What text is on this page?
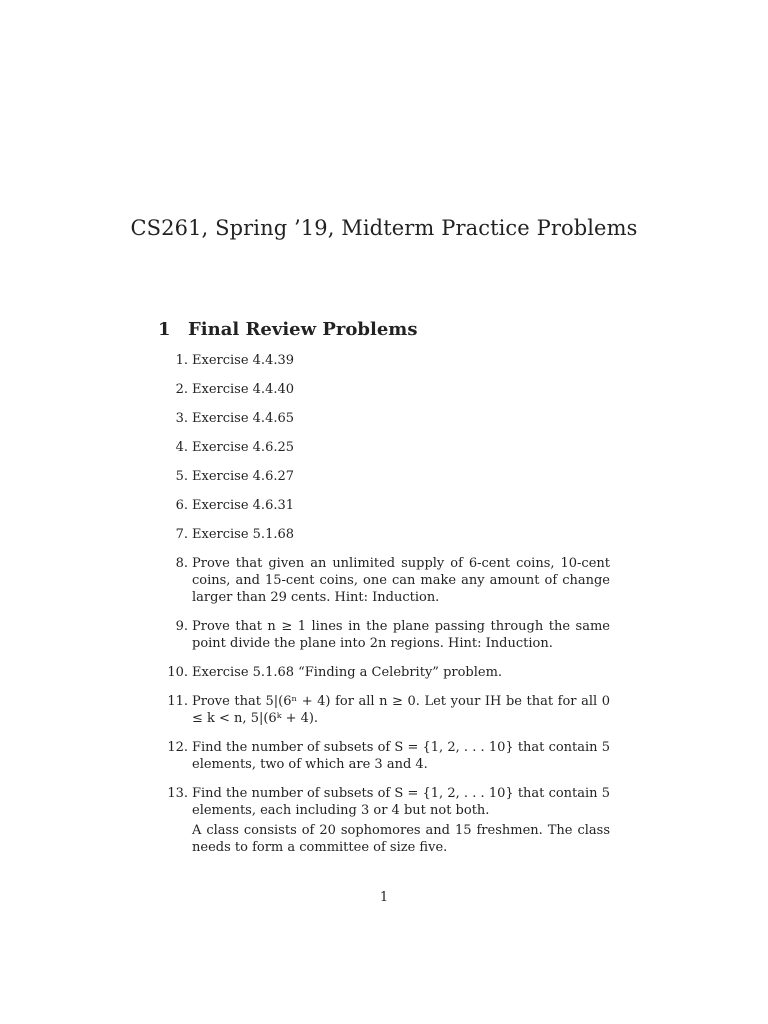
CS261, Spring ’19, Midterm Practice Problems
1 Final Review Problems
1. Exercise 4.4.39
2. Exercise 4.4.40
3. Exercise 4.4.65
4. Exercise 4.6.25
5. Exercise 4.6.27
6. Exercise 4.6.31
7. Exercise 5.1.68
8. Prove that given an unlimited supply of 6-cent coins, 10-cent coins, and 15-cent coins, one can make any amount of change larger than 29 cents. Hint: Induction.
9. Prove that n ≥ 1 lines in the plane passing through the same point divide the plane into 2n regions. Hint: Induction.
10. Exercise 5.1.68 “Finding a Celebrity” problem.
11. Prove that 5|(6ⁿ + 4) for all n ≥ 0. Let your IH be that for all 0 ≤ k < n, 5|(6ᵏ + 4).
12. Find the number of subsets of S = {1, 2, . . . 10} that contain 5 elements, two of which are 3 and 4.
13. Find the number of subsets of S = {1, 2, . . . 10} that contain 5 elements, each including 3 or 4 but not both.
A class consists of 20 sophomores and 15 freshmen. The class needs to form a committee of size five.
1
